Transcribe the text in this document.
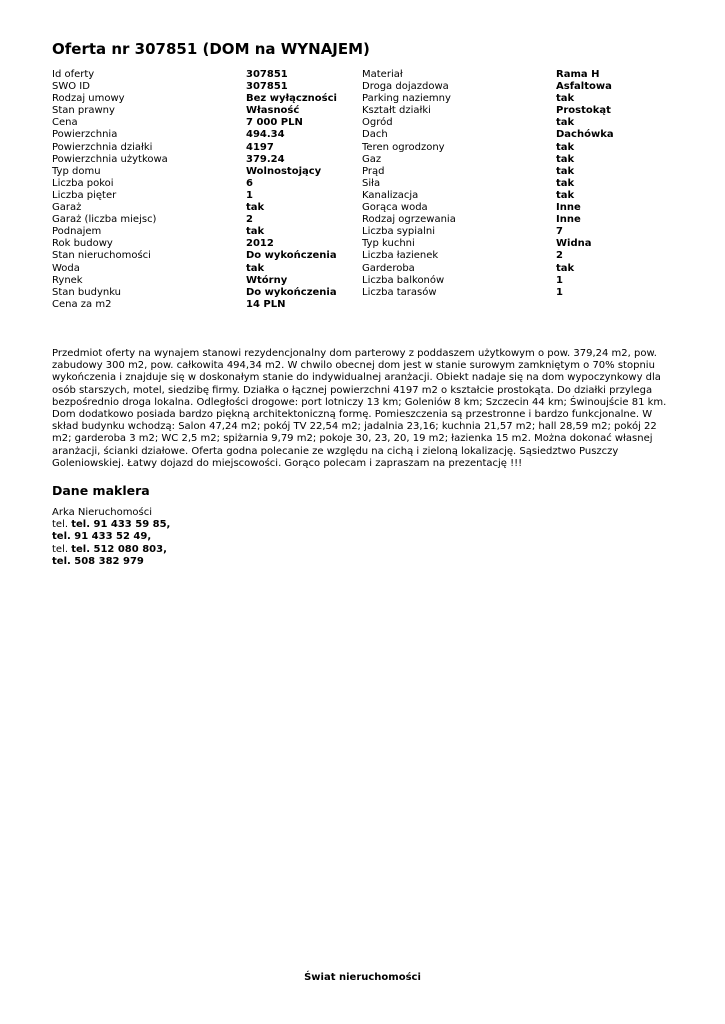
Oferta nr 307851 (DOM na WYNAJEM)
Id oferty	307851
SWO ID	307851
Rodzaj umowy	Bez wyłączności
Stan prawny	Własność
Cena	7 000 PLN
Powierzchnia	494.34
Powierzchnia działki	4197
Powierzchnia użytkowa	379.24
Typ domu	Wolnostojący
Liczba pokoi	6
Liczba pięter	1
Garaż	tak
Garaż (liczba miejsc)	2
Podnajem	tak
Rok budowy	2012
Stan nieruchomości	Do wykończenia
Woda	tak
Rynek	Wtórny
Stan budynku	Do wykończenia
Cena za m2	14 PLN
Materiał	Rama H
Droga dojazdowa	Asfaltowa
Parking naziemny	tak
Kształt działki	Prostokąt
Ogród	tak
Dach	Dachówka
Teren ogrodzony	tak
Gaz	tak
Prąd	tak
Siła	tak
Kanalizacja	tak
Gorąca woda	Inne
Rodzaj ogrzewania	Inne
Liczba sypialni	7
Typ kuchni	Widna
Liczba łazienek	2
Garderoba	tak
Liczba balkonów	1
Liczba tarasów	1

Przedmiot oferty na wynajem stanowi rezydencjonalny dom parterowy z poddaszem użytkowym o pow. 379,24 m2, pow. zabudowy 300 m2, pow. całkowita 494,34 m2. W chwilo obecnej dom jest w stanie surowym zamkniętym o 70% stopniu wykończenia i znajduje się w doskonałym stanie do indywidualnej aranżacji. Obiekt nadaje się na dom wypoczynkowy dla osób starszych, motel, siedzibę firmy. Działka o łącznej powierzchni 4197 m2 o kształcie prostokąta. Do działki przylega bezpośrednio droga lokalna. Odległości drogowe: port lotniczy 13 km; Goleniów 8 km; Szczecin 44 km; Świnoujście 81 km. Dom dodatkowo posiada bardzo piękną architektoniczną formę. Pomieszczenia są przestronne i bardzo funkcjonalne. W skład budynku wchodzą: Salon 47,24 m2; pokój TV 22,54 m2; jadalnia 23,16; kuchnia 21,57 m2; hall 28,59 m2; pokój 22 m2; garderoba 3 m2; WC 2,5 m2; spiżarnia 9,79 m2; pokoje 30, 23, 20, 19 m2; łazienka 15 m2. Można dokonać własnej aranżacji, ścianki działowe. Oferta godna polecanie ze względu na cichą i zieloną lokalizację. Sąsiedztwo Puszczy Goleniowskiej. Łatwy dojazd do miejscowości. Gorąco polecam i zapraszam na prezentację !!!

Dane maklera
Arka Nieruchomości
tel. tel. 91 433 59 85,
tel. 91 433 52 49,
tel. tel. 512 080 803,
tel. 508 382 979
Świat nieruchomości
